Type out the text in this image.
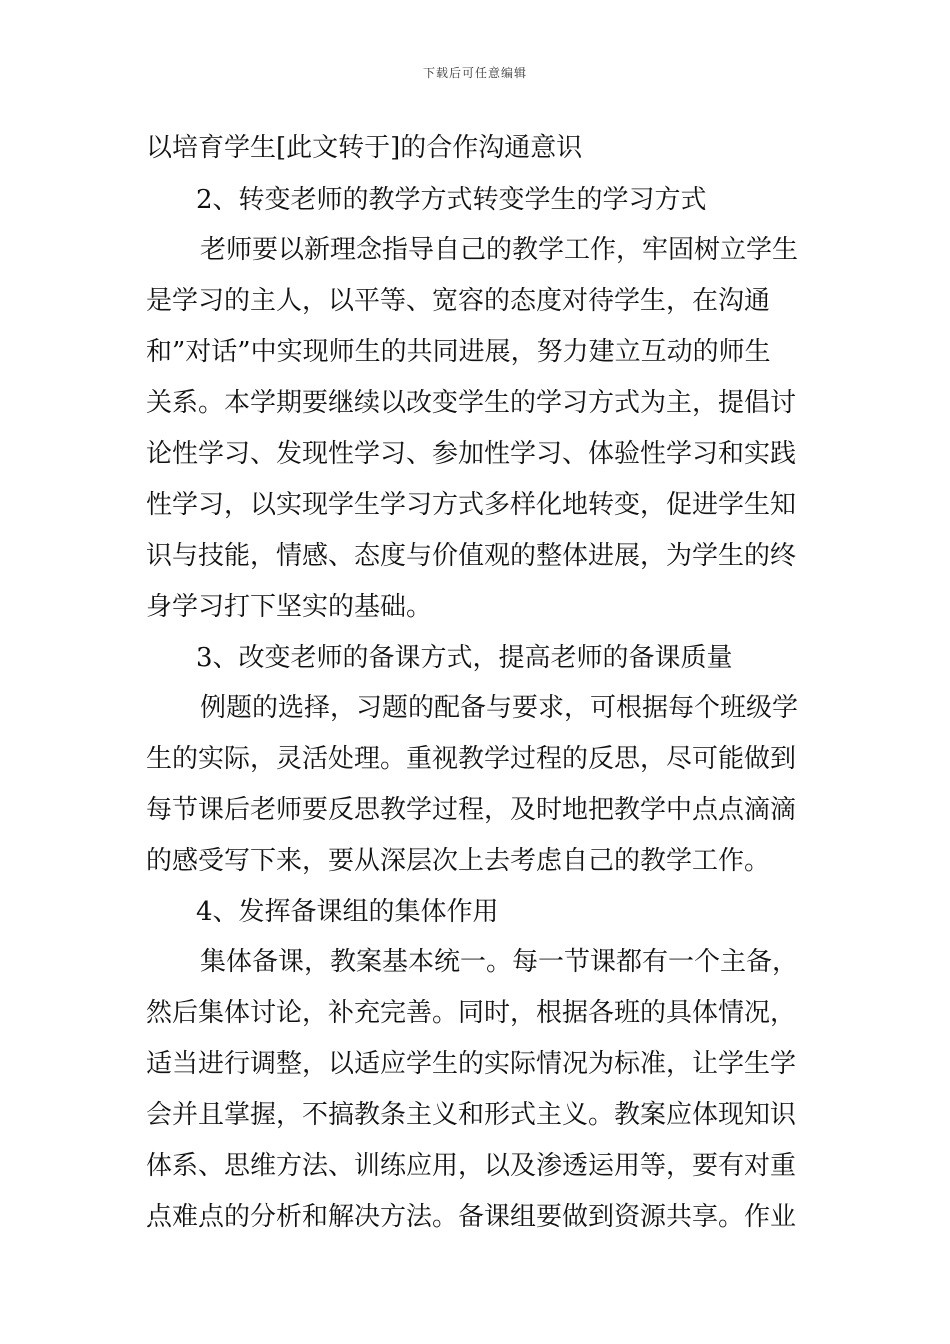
下载后可任意编辑
以培育学生[此文转于]的合作沟通意识
2、转变老师的教学方式转变学生的学习方式
老师要以新理念指导自己的教学工作，牢固树立学生
是学习的主人，以平等、宽容的态度对待学生，在沟通
和”对话”中实现师生的共同进展，努力建立互动的师生
关系。本学期要继续以改变学生的学习方式为主，提倡讨
论性学习、发现性学习、参加性学习、体验性学习和实践
性学习，以实现学生学习方式多样化地转变，促进学生知
识与技能，情感、态度与价值观的整体进展，为学生的终
身学习打下坚实的基础。
3、改变老师的备课方式，提高老师的备课质量
例题的选择，习题的配备与要求，可根据每个班级学
生的实际，灵活处理。重视教学过程的反思，尽可能做到
每节课后老师要反思教学过程，及时地把教学中点点滴滴
的感受写下来，要从深层次上去考虑自己的教学工作。
4、发挥备课组的集体作用
集体备课，教案基本统一。每一节课都有一个主备，
然后集体讨论，补充完善。同时，根据各班的具体情况，
适当进行调整，以适应学生的实际情况为标准，让学生学
会并且掌握，不搞教条主义和形式主义。教案应体现知识
体系、思维方法、训练应用，以及渗透运用等，要有对重
点难点的分析和解决方法。备课组要做到资源共享。作业
